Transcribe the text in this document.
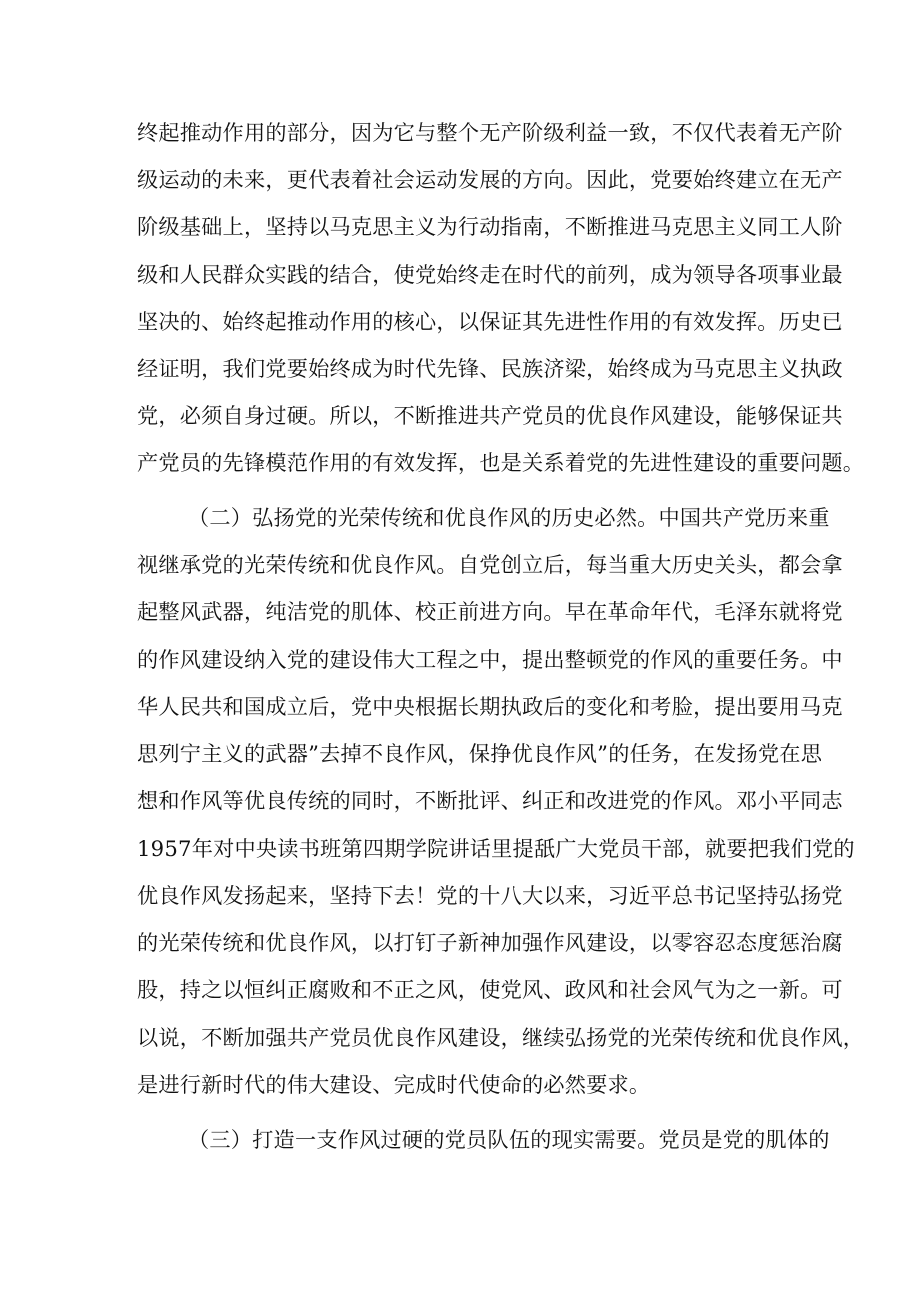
终起推动作用的部分，因为它与整个无产阶级利益一致，不仅代表着无产阶
级运动的未来，更代表着社会运动发展的方向。因此，党要始终建立在无产
阶级基础上，坚持以马克思主义为行动指南，不断推进马克思主义同工人阶
级和人民群众实践的结合，使党始终走在时代的前列，成为领导各项事业最
坚决的、始终起推动作用的核心，以保证其先进性作用的有效发挥。历史已
经证明，我们党要始终成为时代先锋、民族济梁，始终成为马克思主义执政
党，必须自身过硬。所以，不断推进共产党员的优良作风建设，能够保证共
产党员的先锋模范作用的有效发挥，也是关系着党的先进性建设的重要问题。
（二）弘扬党的光荣传统和优良作风的历史必然。中国共产党历来重
视继承党的光荣传统和优良作风。自党创立后，每当重大历史关头，都会拿
起整风武器，纯洁党的肌体、校正前进方向。早在革命年代，毛泽东就将党
的作风建设纳入党的建设伟大工程之中，提出整顿党的作风的重要任务。中
华人民共和国成立后，党中央根据长期执政后的变化和考脸，提出要用马克
思列宁主义的武器”去掉不良作风，保挣优良作风”的任务，在发扬党在思
想和作风等优良传统的同时，不断批评、纠正和改进党的作风。邓小平同志
1957年对中央读书班第四期学院讲话里提舐广大党员干部，就要把我们党的
优良作风发扬起来，坚持下去！党的十八大以来，习近平总书记坚持弘扬党
的光荣传统和优良作风，以打钉子新神加强作风建设，以零容忍态度惩治腐
股，持之以恒纠正腐败和不正之风，使党风、政风和社会风气为之一新。可
以说，不断加强共产党员优良作风建设，继续弘扬党的光荣传统和优良作风，
是进行新时代的伟大建设、完成时代使命的必然要求。
（三）打造一支作风过硬的党员队伍的现实需要。党员是党的肌体的
